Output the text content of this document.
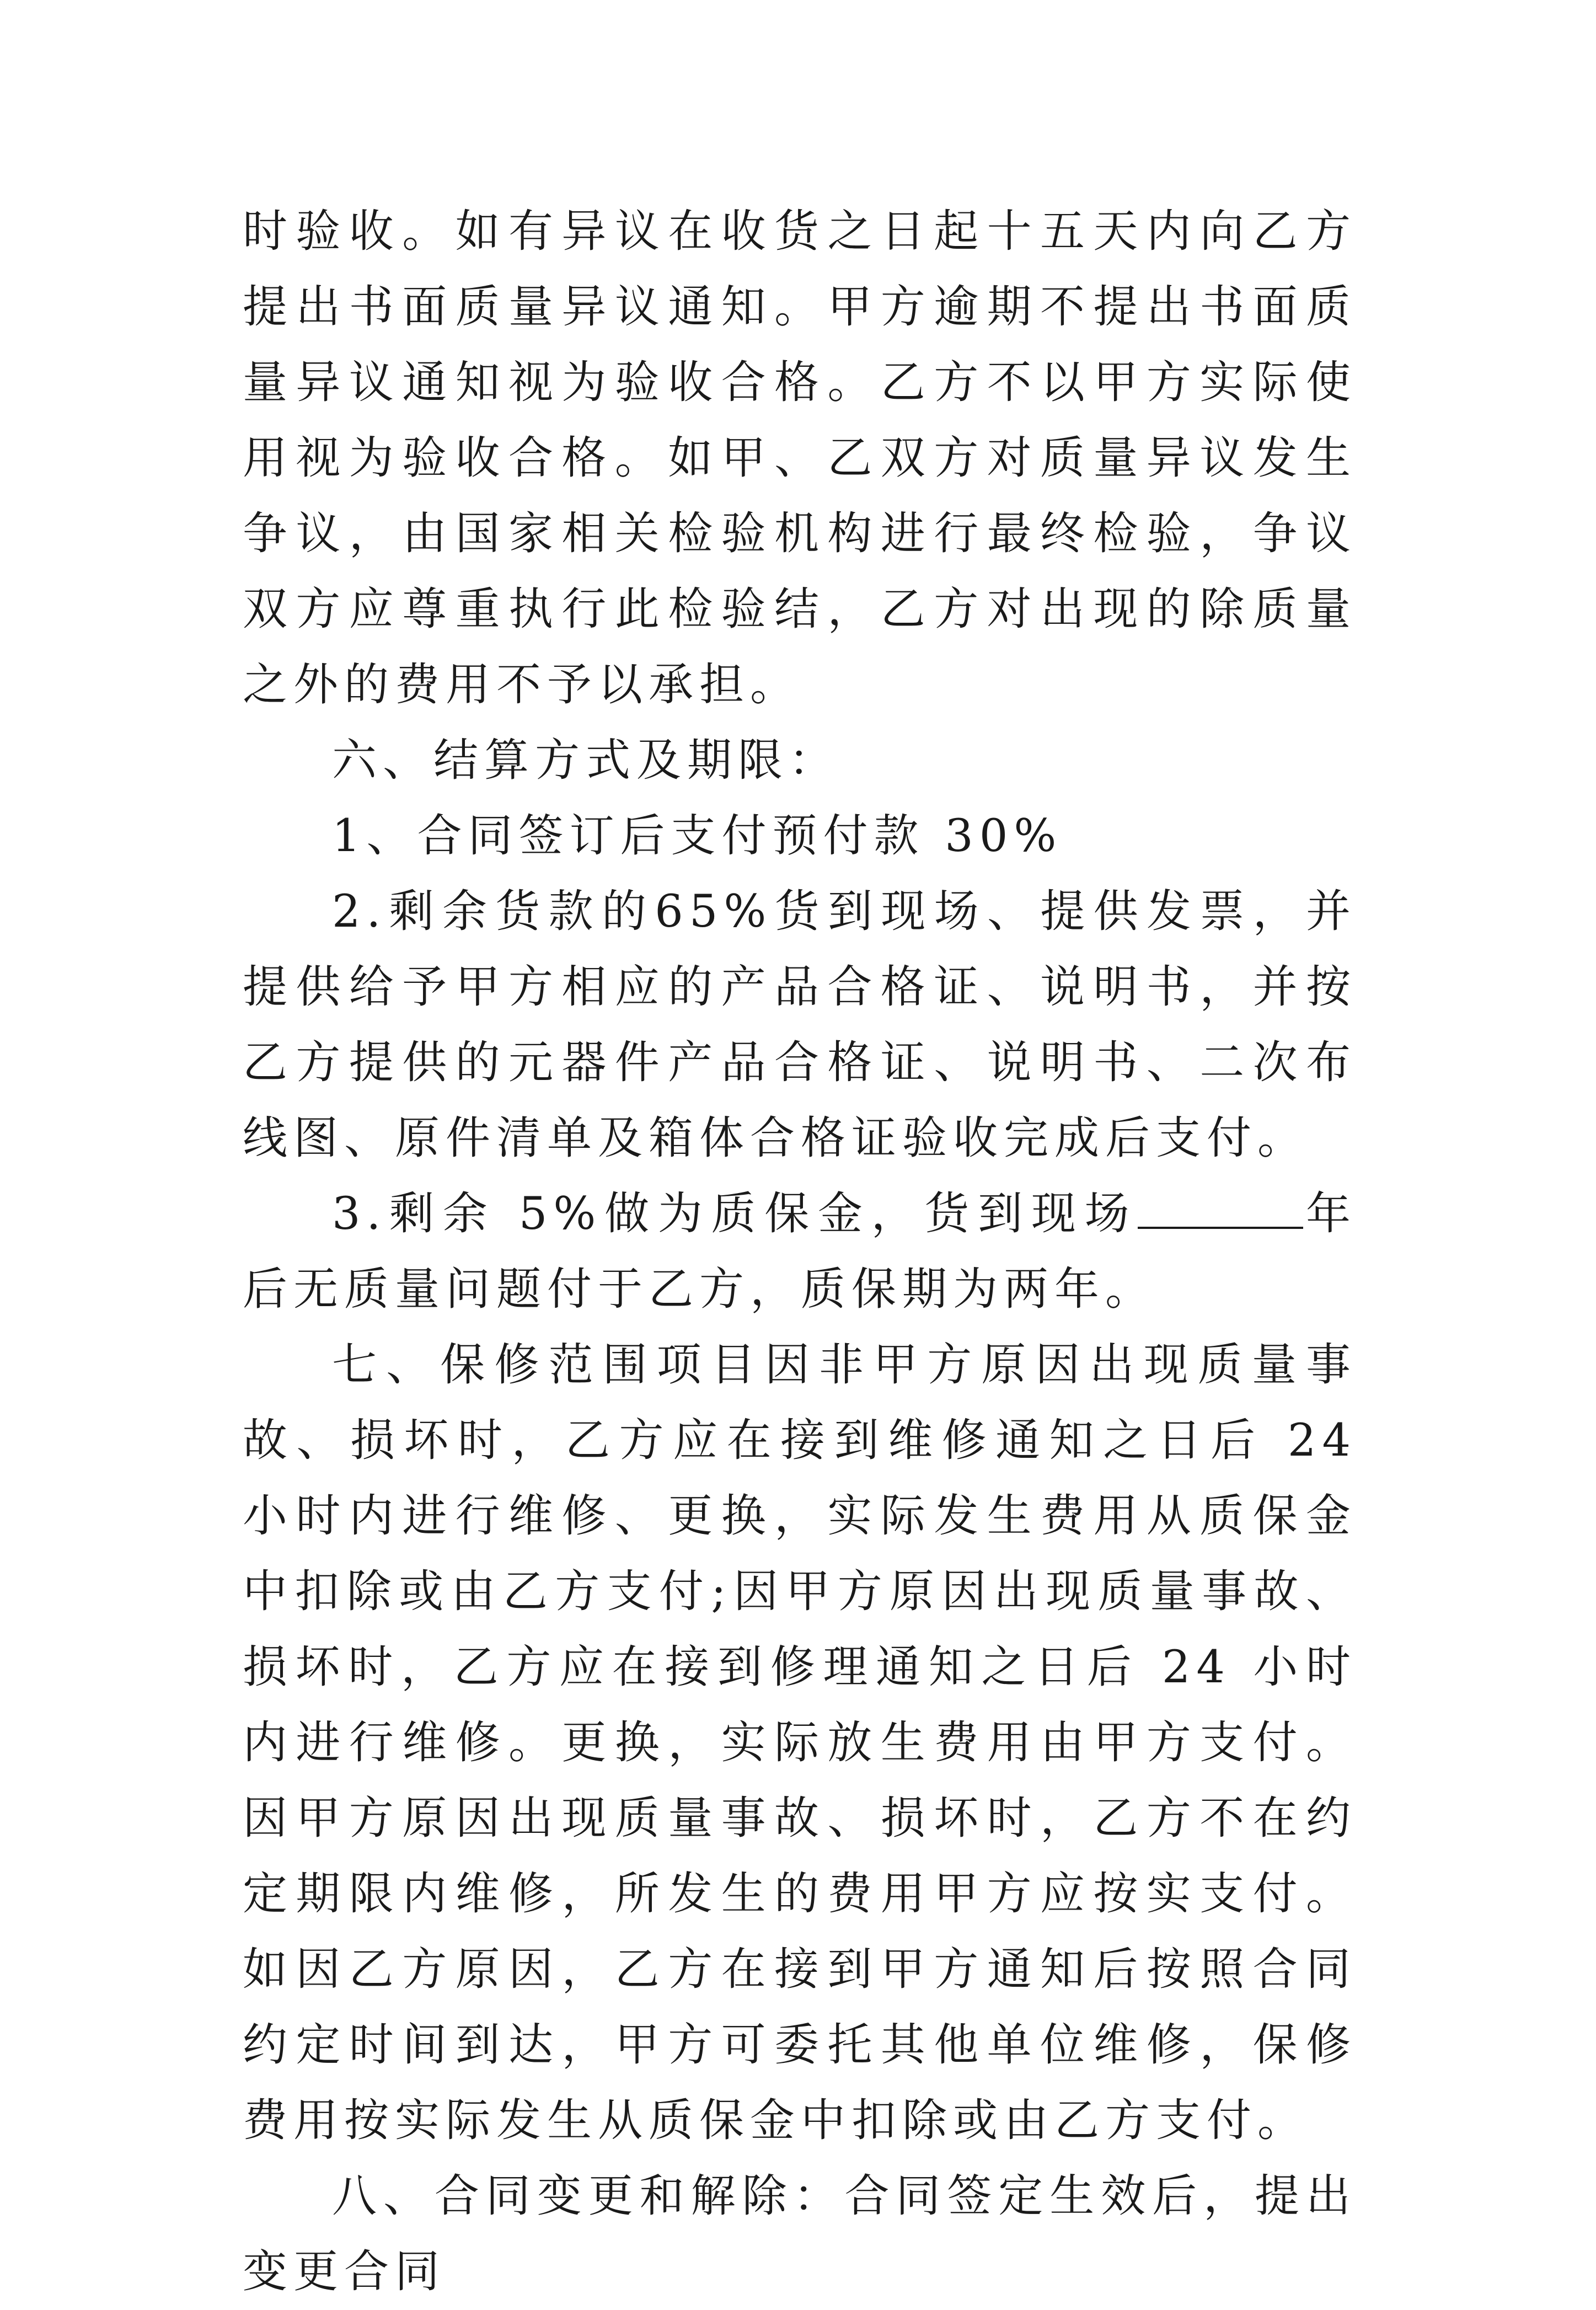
时验收。如有异议在收货之日起十五天内向乙方提出书面质量异议通知。甲方逾期不提出书面质量异议通知视为验收合格。乙方不以甲方实际使用视为验收合格。如甲、乙双方对质量异议发生争议，由国家相关检验机构进行最终检验，争议双方应尊重执行此检验结，乙方对出现的除质量之外的费用不予以承担。

六、结算方式及期限：

1、合同签订后支付预付款 30%

2.剩余货款的65%货到现场、提供发票，并提供给予甲方相应的产品合格证、说明书，并按乙方提供的元器件产品合格证、说明书、二次布线图、原件清单及箱体合格证验收完成后支付。

3.剩余 5%做为质保金，货到现场	年后无质量问题付于乙方，质保期为两年。

七、保修范围项目因非甲方原因出现质量事故、损坏时，乙方应在接到维修通知之日后 24 小时内进行维修、更换，实际发生费用从质保金中扣除或由乙方支付;因甲方原因出现质量事故、损坏时，乙方应在接到修理通知之日后 24 小时内进行维修。更换，实际放生费用由甲方支付。因甲方原因出现质量事故、损坏时，乙方不在约定期限内维修，所发生的费用甲方应按实支付。如因乙方原因，乙方在接到甲方通知后按照合同约定时间到达，甲方可委托其他单位维修，保修费用按实际发生从质保金中扣除或由乙方支付。

八、合同变更和解除：合同签定生效后，提出变更合同
